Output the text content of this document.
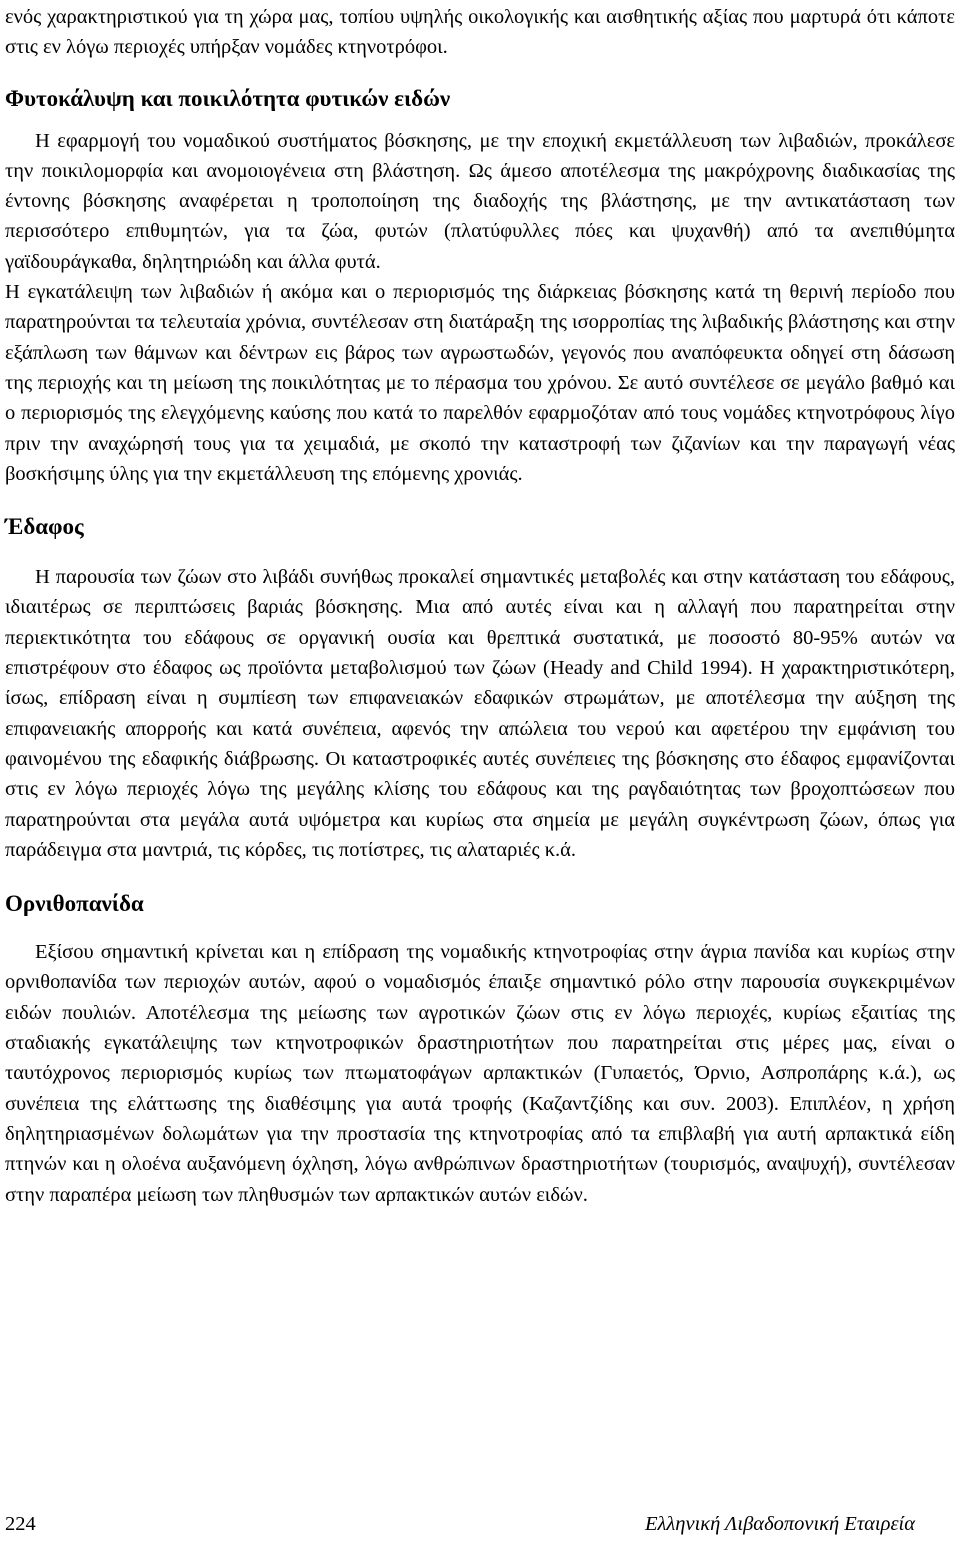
ενός χαρακτηριστικού για τη χώρα μας, τοπίου υψηλής οικολογικής και αισθητικής αξίας που μαρτυρά ότι κάποτε στις εν λόγω περιοχές υπήρξαν νομάδες κτηνοτρόφοι.

Φυτοκάλυψη και ποικιλότητα φυτικών ειδών

Η εφαρμογή του νομαδικού συστήματος βόσκησης, με την εποχική εκμετάλλευση των λιβαδιών, προκάλεσε την ποικιλομορφία και ανομοιογένεια στη βλάστηση. Ως άμεσο αποτέλεσμα της μακρόχρονης διαδικασίας της έντονης βόσκησης αναφέρεται η τροποποίηση της διαδοχής της βλάστησης, με την αντικατάσταση των περισσότερο επιθυμητών, για τα ζώα, φυτών (πλατύφυλλες πόες και ψυχανθή) από τα ανεπιθύμητα γαϊδουράγκαθα, δηλητηριώδη και άλλα φυτά.

Η εγκατάλειψη των λιβαδιών ή ακόμα και ο περιορισμός της διάρκειας βόσκησης κατά τη θερινή περίοδο που παρατηρούνται τα τελευταία χρόνια, συντέλεσαν στη διατάραξη της ισορροπίας της λιβαδικής βλάστησης και στην εξάπλωση των θάμνων και δέντρων εις βάρος των αγρωστωδών, γεγονός που αναπόφευκτα οδηγεί στη δάσωση της περιοχής και τη μείωση της ποικιλότητας με το πέρασμα του χρόνου. Σε αυτό συντέλεσε σε μεγάλο βαθμό και ο περιορισμός της ελεγχόμενης καύσης που κατά το παρελθόν εφαρμοζόταν από τους νομάδες κτηνοτρόφους λίγο πριν την αναχώρησή τους για τα χειμαδιά, με σκοπό την καταστροφή των ζιζανίων και την παραγωγή νέας βοσκήσιμης ύλης για την εκμετάλλευση της επόμενης χρονιάς.

Έδαφος

Η παρουσία των ζώων στο λιβάδι συνήθως προκαλεί σημαντικές μεταβολές και στην κατάσταση του εδάφους, ιδιαιτέρως σε περιπτώσεις βαριάς βόσκησης. Μια από αυτές είναι και η αλλαγή που παρατηρείται στην περιεκτικότητα του εδάφους σε οργανική ουσία και θρεπτικά συστατικά, με ποσοστό 80-95% αυτών να επιστρέφουν στο έδαφος ως προϊόντα μεταβολισμού των ζώων (Heady and Child 1994). Η χαρακτηριστικότερη, ίσως, επίδραση είναι η συμπίεση των επιφανειακών εδαφικών στρωμάτων, με αποτέλεσμα την αύξηση της επιφανειακής απορροής και κατά συνέπεια, αφενός την απώλεια του νερού και αφετέρου την εμφάνιση του φαινομένου της εδαφικής διάβρωσης. Οι καταστροφικές αυτές συνέπειες της βόσκησης στο έδαφος εμφανίζονται στις εν λόγω περιοχές λόγω της μεγάλης κλίσης του εδάφους και της ραγδαιότητας των βροχοπτώσεων που παρατηρούνται στα μεγάλα αυτά υψόμετρα και κυρίως στα σημεία με μεγάλη συγκέντρωση ζώων, όπως για παράδειγμα στα μαντριά, τις κόρδες, τις ποτίστρες, τις αλαταριές κ.ά.

Ορνιθοπανίδα

Εξίσου σημαντική κρίνεται και η επίδραση της νομαδικής κτηνοτροφίας στην άγρια πανίδα και κυρίως στην ορνιθοπανίδα των περιοχών αυτών, αφού ο νομαδισμός έπαιξε σημαντικό ρόλο στην παρουσία συγκεκριμένων ειδών πουλιών. Αποτέλεσμα της μείωσης των αγροτικών ζώων στις εν λόγω περιοχές, κυρίως εξαιτίας της σταδιακής εγκατάλειψης των κτηνοτροφικών δραστηριοτήτων που παρατηρείται στις μέρες μας, είναι ο ταυτόχρονος περιορισμός κυρίως των πτωματοφάγων αρπακτικών (Γυπαετός, Όρνιο, Ασπροπάρης κ.ά.), ως συνέπεια της ελάττωσης της διαθέσιμης για αυτά τροφής (Καζαντζίδης και συν. 2003). Επιπλέον, η χρήση δηλητηριασμένων δολωμάτων για την προστασία της κτηνοτροφίας από τα επιβλαβή για αυτή αρπακτικά είδη πτηνών και η ολοένα αυξανόμενη όχληση, λόγω ανθρώπινων δραστηριοτήτων (τουρισμός, αναψυχή), συντέλεσαν στην παραπέρα μείωση των πληθυσμών των αρπακτικών αυτών ειδών.

224	Ελληνική Λιβαδοπονική Εταιρεία
